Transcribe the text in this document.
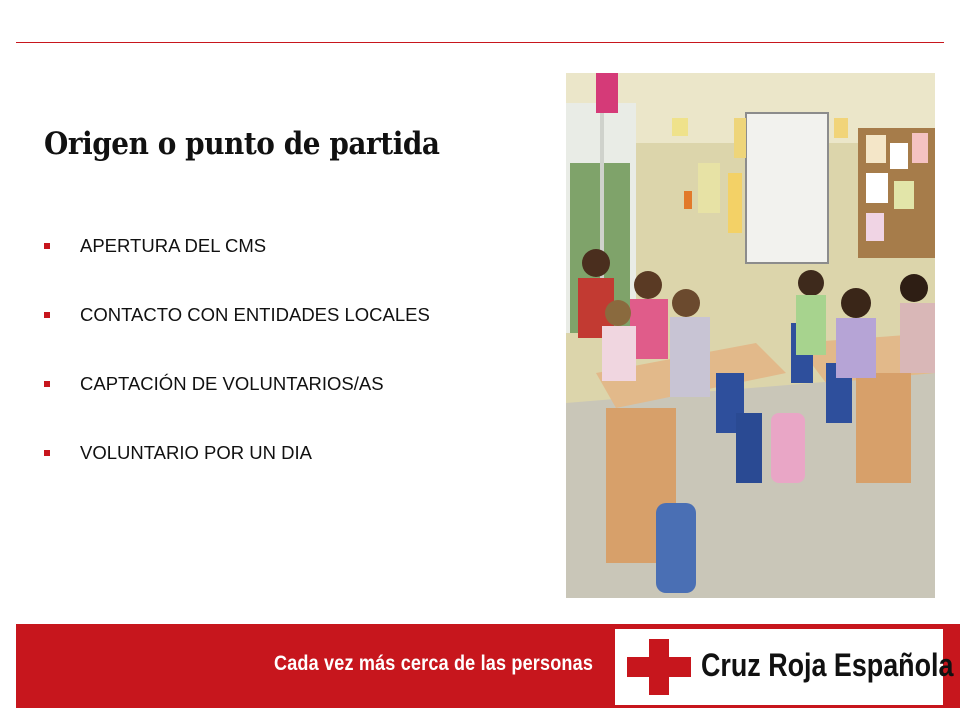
Origen o punto de partida
APERTURA DEL CMS
CONTACTO CON ENTIDADES LOCALES
CAPTACIÓN DE VOLUNTARIOS/AS
VOLUNTARIO POR UN DIA

Cada vez más cerca de las personas	Cruz Roja Española
